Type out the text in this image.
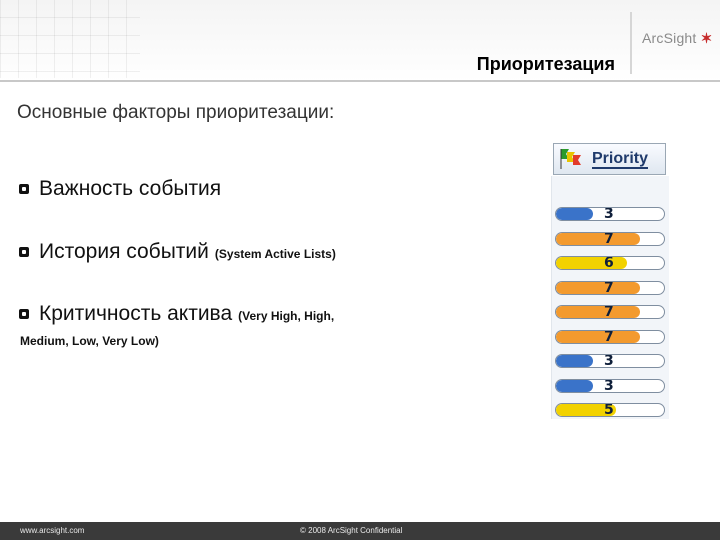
ArcSight ✶
Приоритезация
Основные факторы приоритезации:
Важность события
История событий (System Active Lists)
Критичность актива (Very High, High,
Medium, Low, Very Low)
Priority
3
7
6
7
7
7
3
3
5
www.arcsight.com	© 2008 ArcSight Confidential
